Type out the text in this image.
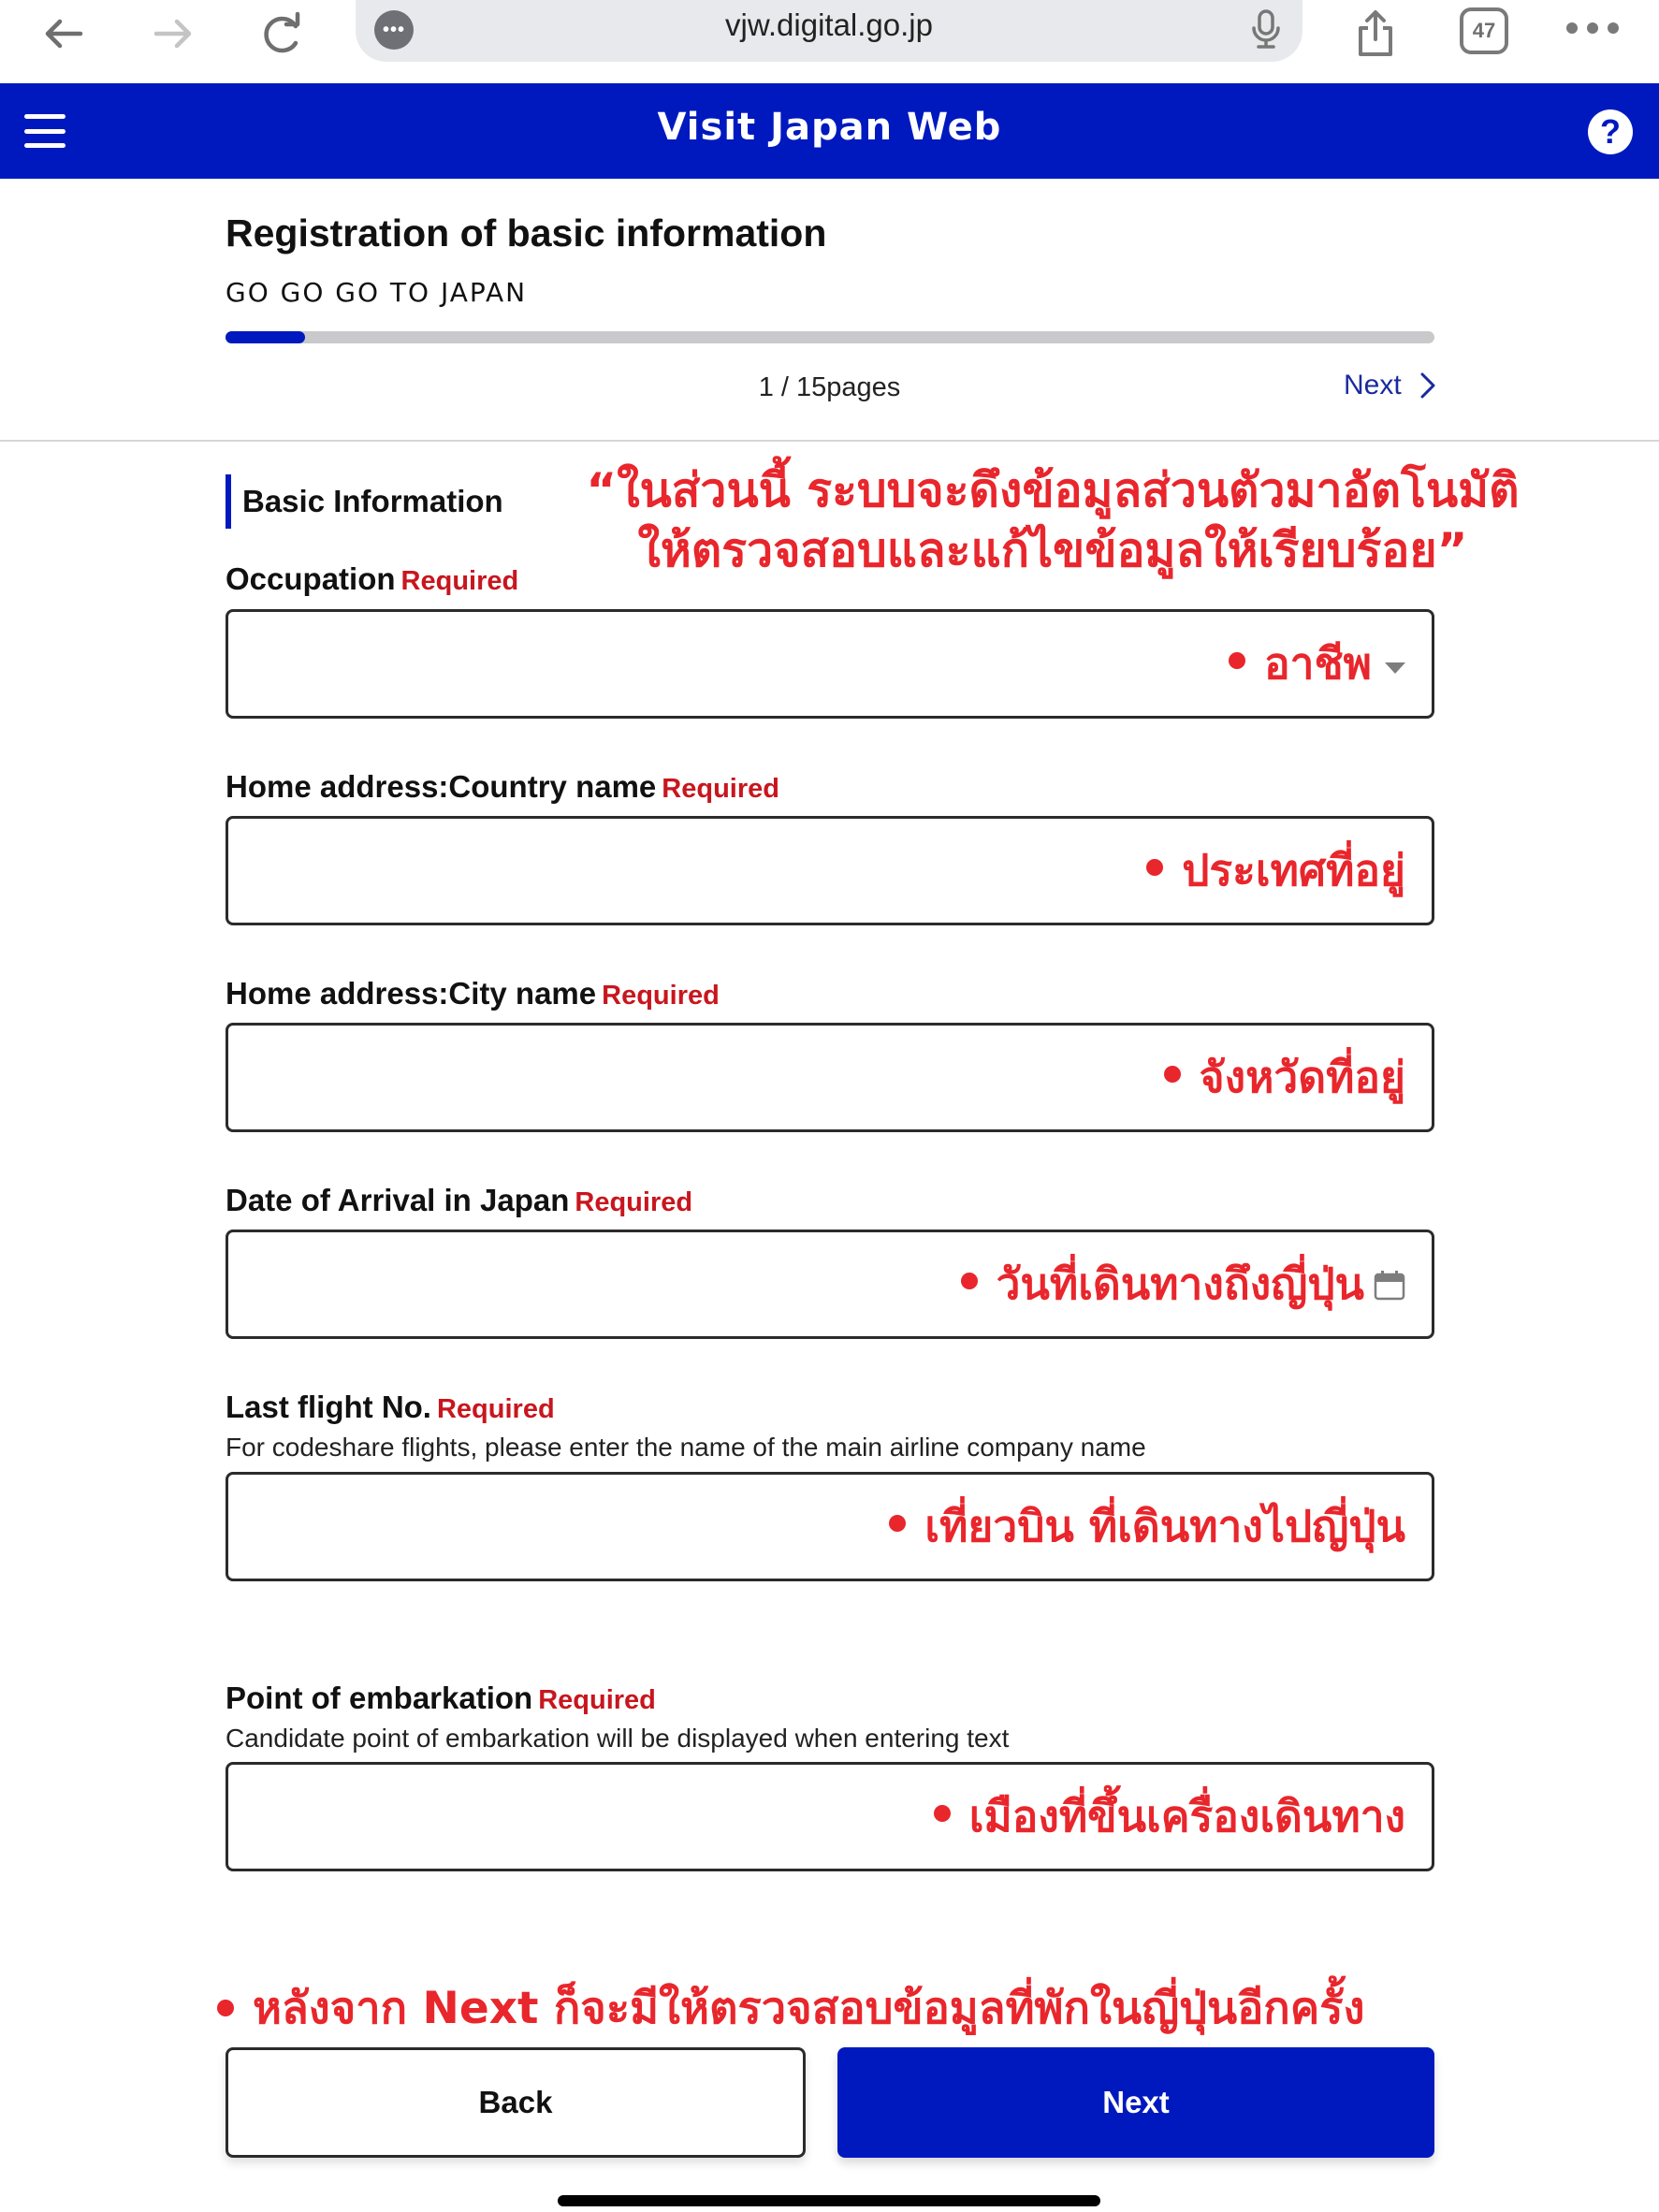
•••	vjw.digital.go.jp	47
Visit Japan Web	?
Registration of basic information
GO GO GO TO JAPAN
1 / 15pages	Next
Basic Information “ในส่วนนี้ ระบบจะดึงข้อมูลส่วนตัวมาอัตโนมัติ
ให้ตรวจสอบและแก้ไขข้อมูลให้เรียบร้อย”
Occupation Required
อาชีพ
Home address:Country name Required
ประเทศที่อยู่
Home address:City name Required
จังหวัดที่อยู่
Date of Arrival in Japan Required
วันที่เดินทางถึงญี่ปุ่น
Last flight No. Required
For codeshare flights, please enter the name of the main airline company name
เที่ยวบิน ที่เดินทางไปญี่ปุ่น
Point of embarkation Required
Candidate point of embarkation will be displayed when entering text
เมืองที่ขึ้นเครื่องเดินทาง
หลังจาก Next ก็จะมีให้ตรวจสอบข้อมูลที่พักในญี่ปุ่นอีกครั้ง
Back	Next
